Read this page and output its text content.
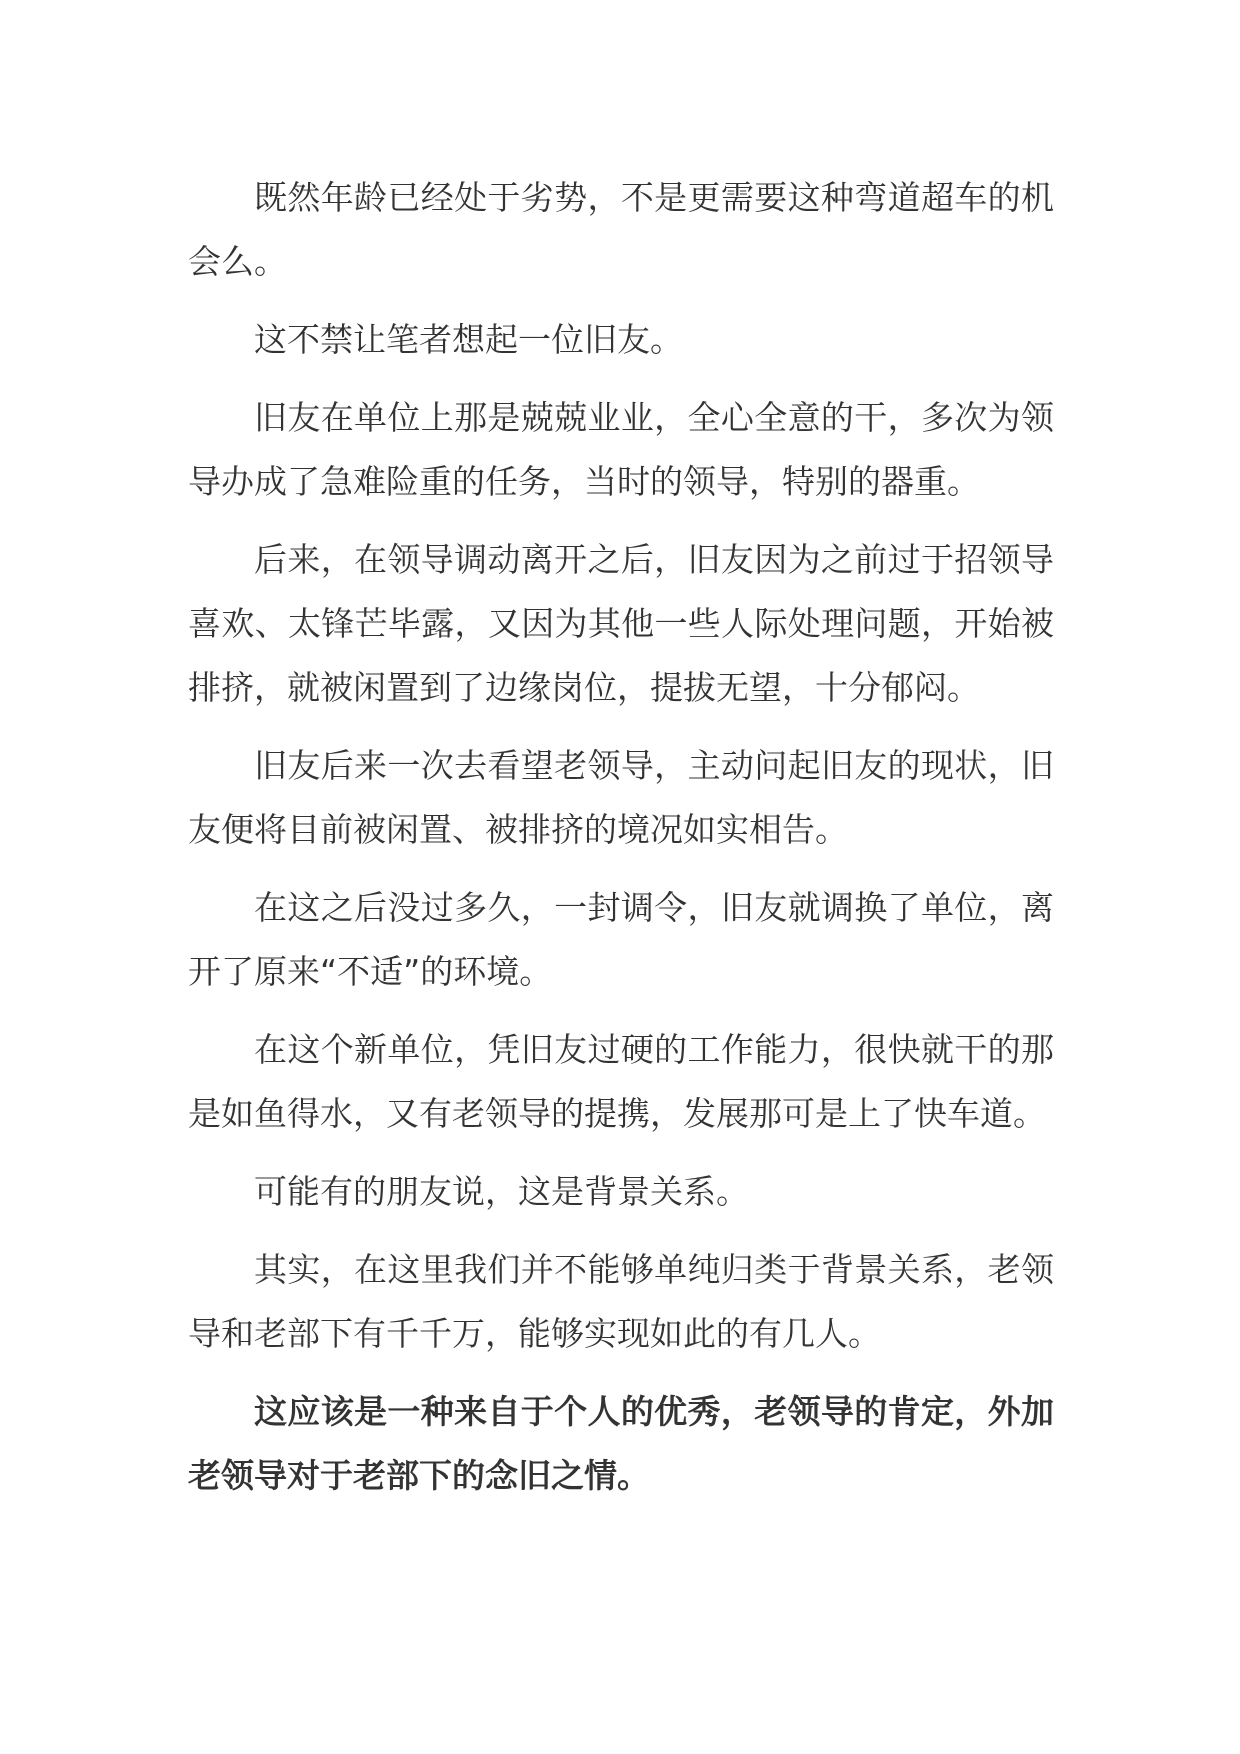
既然年龄已经处于劣势，不是更需要这种弯道超车的机会么。

这不禁让笔者想起一位旧友。

旧友在单位上那是兢兢业业，全心全意的干，多次为领导办成了急难险重的任务，当时的领导，特别的器重。

后来，在领导调动离开之后，旧友因为之前过于招领导喜欢、太锋芒毕露，又因为其他一些人际处理问题，开始被排挤，就被闲置到了边缘岗位，提拔无望，十分郁闷。

旧友后来一次去看望老领导，主动问起旧友的现状，旧友便将目前被闲置、被排挤的境况如实相告。

在这之后没过多久，一封调令，旧友就调换了单位，离开了原来“不适”的环境。

在这个新单位，凭旧友过硬的工作能力，很快就干的那是如鱼得水，又有老领导的提携，发展那可是上了快车道。

可能有的朋友说，这是背景关系。

其实，在这里我们并不能够单纯归类于背景关系，老领导和老部下有千千万，能够实现如此的有几人。

这应该是一种来自于个人的优秀，老领导的肯定，外加老领导对于老部下的念旧之情。
